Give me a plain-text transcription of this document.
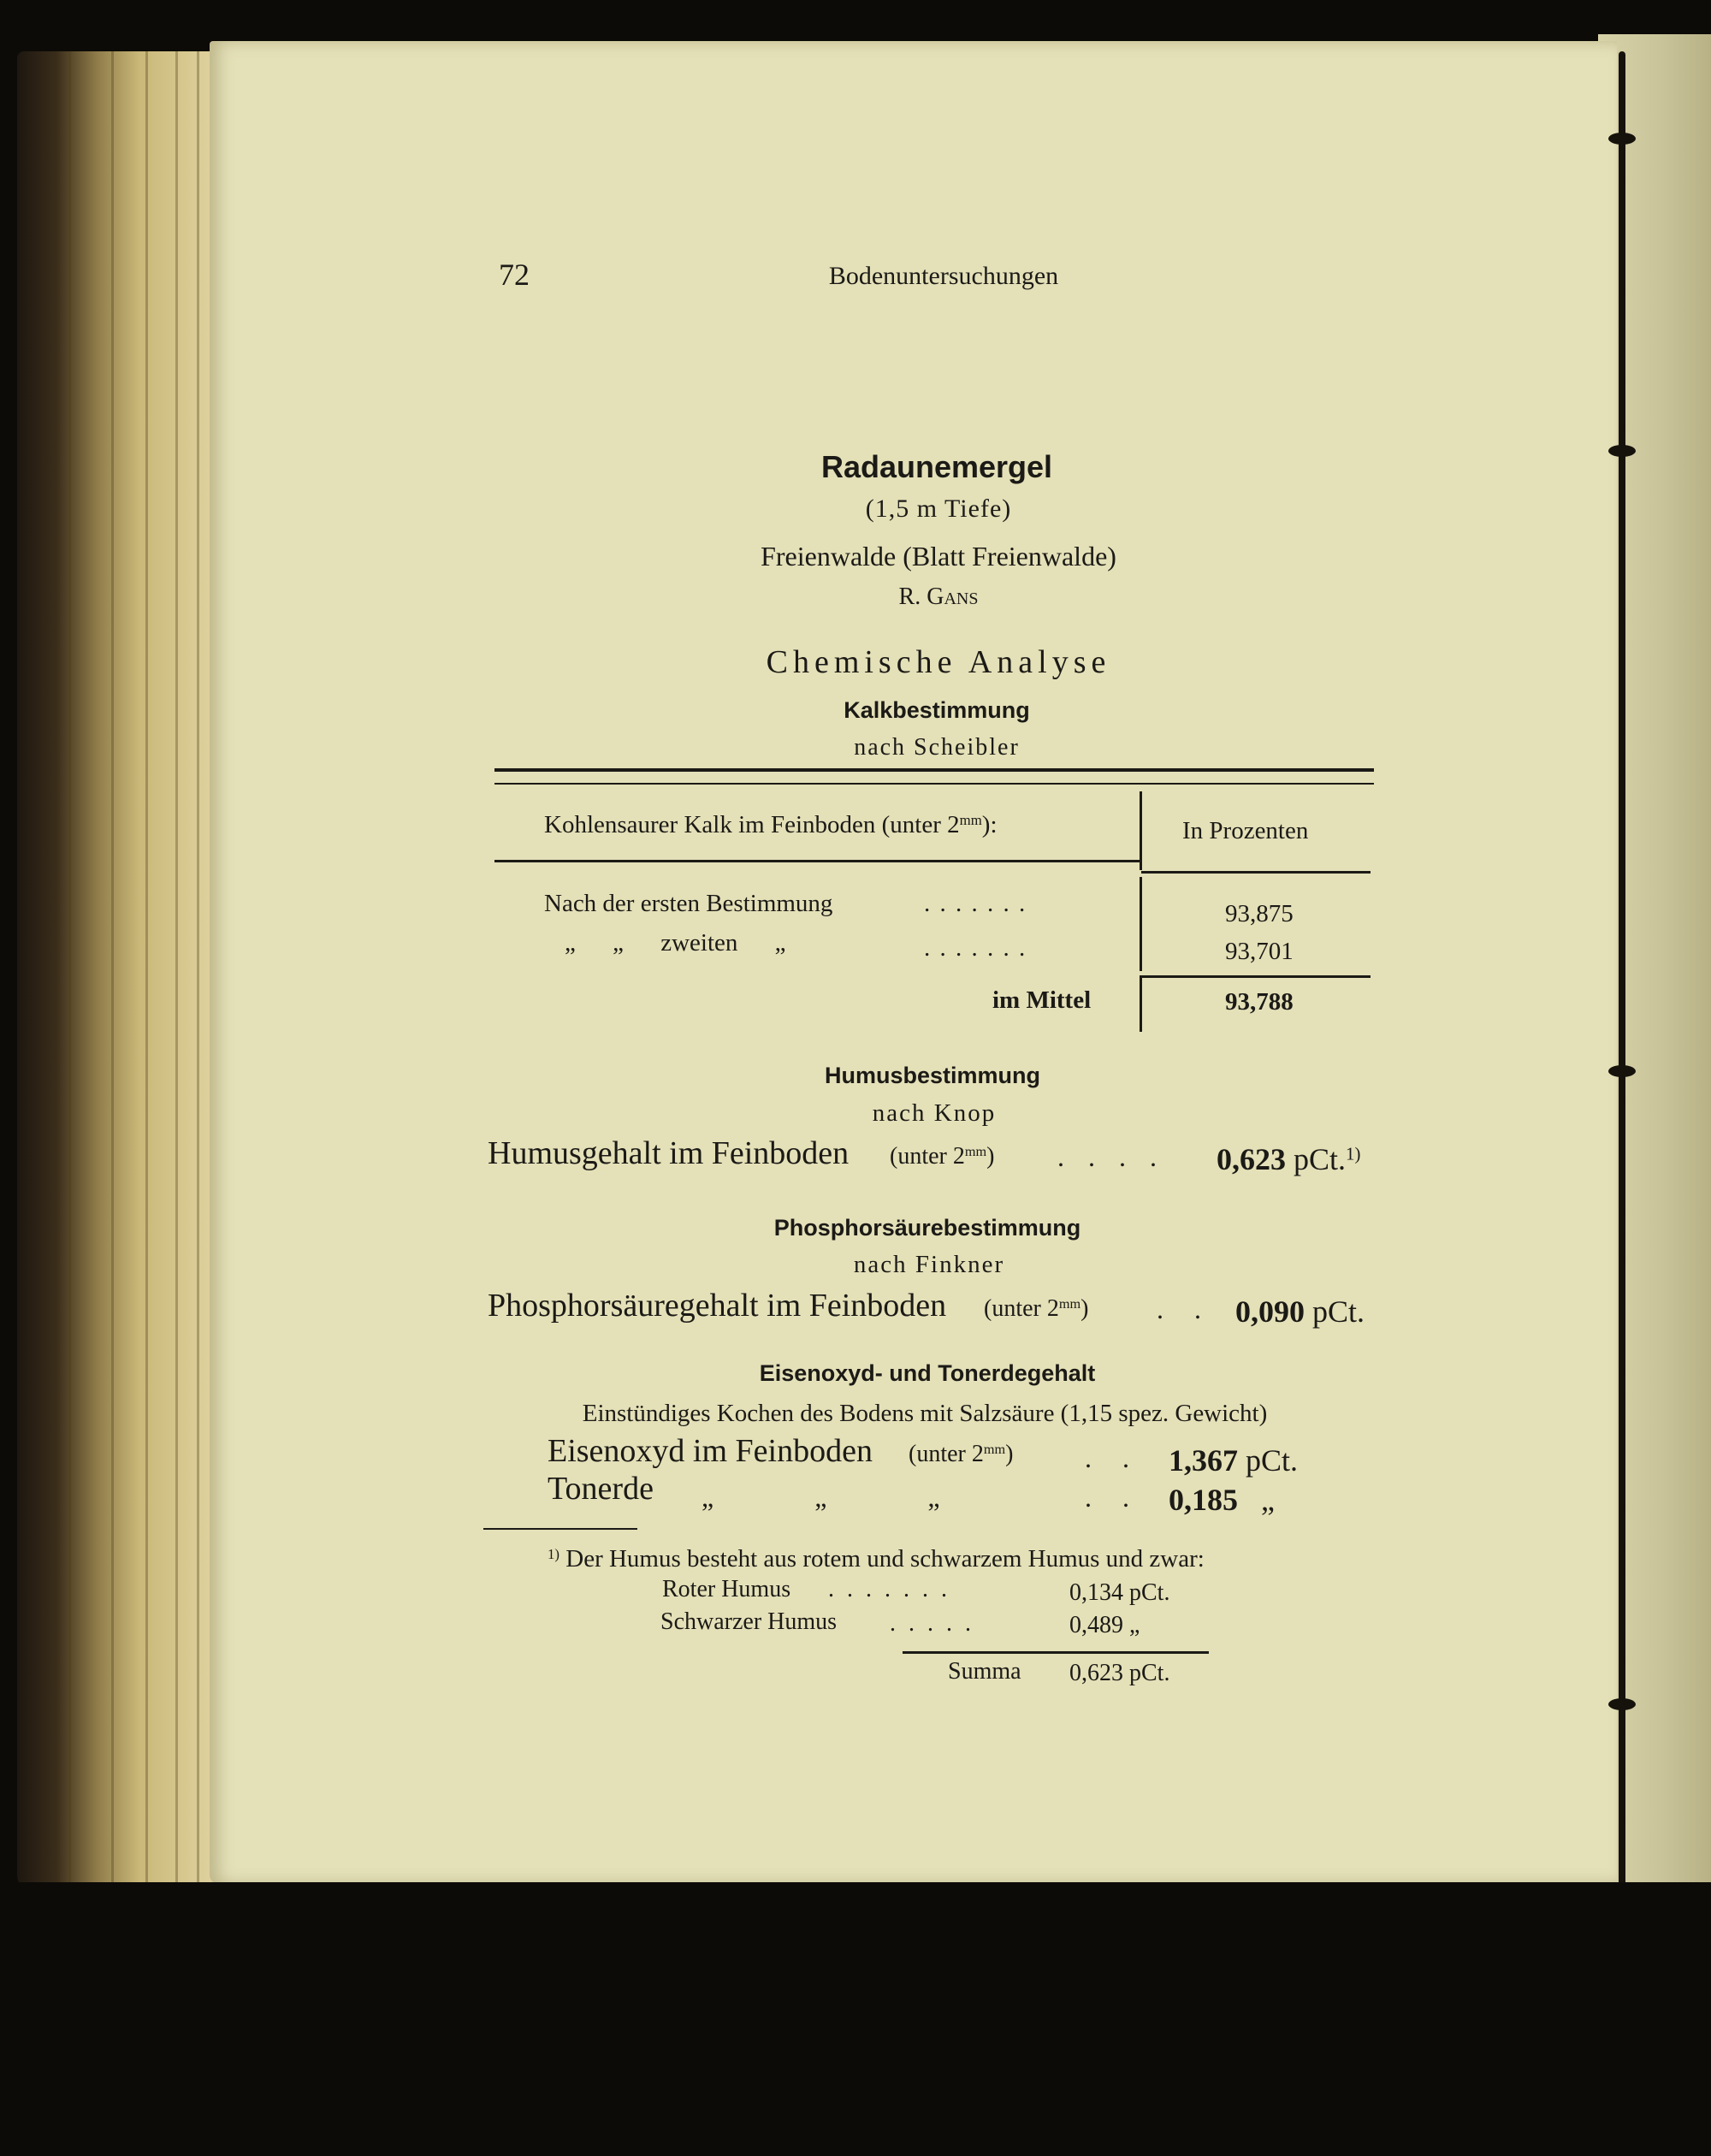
72	Bodenuntersuchungen
Radaunemergel
(1,5 m Tiefe)
Freienwalde (Blatt Freienwalde)
R. Gans
Chemische Analyse
Kalkbestimmung
nach Scheibler
Kohlensaurer Kalk im Feinboden (unter $2^{mm}$):	In Prozenten
Nach der ersten Bestimmung	. . . . . . .	93,875
„ „ zweiten „	. . . . . . .	93,701
im Mittel	93,788
Humusbestimmung
nach Knop
Humusgehalt im Feinboden (unter $2^{mm}$) . . . . 0,623 pCt.$^{1)}$
Phosphorsäurebestimmung
nach Finkner
Phosphorsäuregehalt im Feinboden (unter $2^{mm}$) . . 0,090 pCt.
Eisenoxyd- und Tonerdegehalt
Einstündiges Kochen des Bodens mit Salzsäure (1,15 spez. Gewicht)
Eisenoxyd im Feinboden (unter $2^{mm}$)	. . 1,367 pCt.
Tonerde „ „ „	. . 0,185 „
$^{1)}$ Der Humus besteht aus rotem und schwarzem Humus und zwar:
Roter Humus . . . . . . .	0,134 pCt.
Schwarzer Humus . . . . .	0,489 „
Summa 0,623 pCt.
